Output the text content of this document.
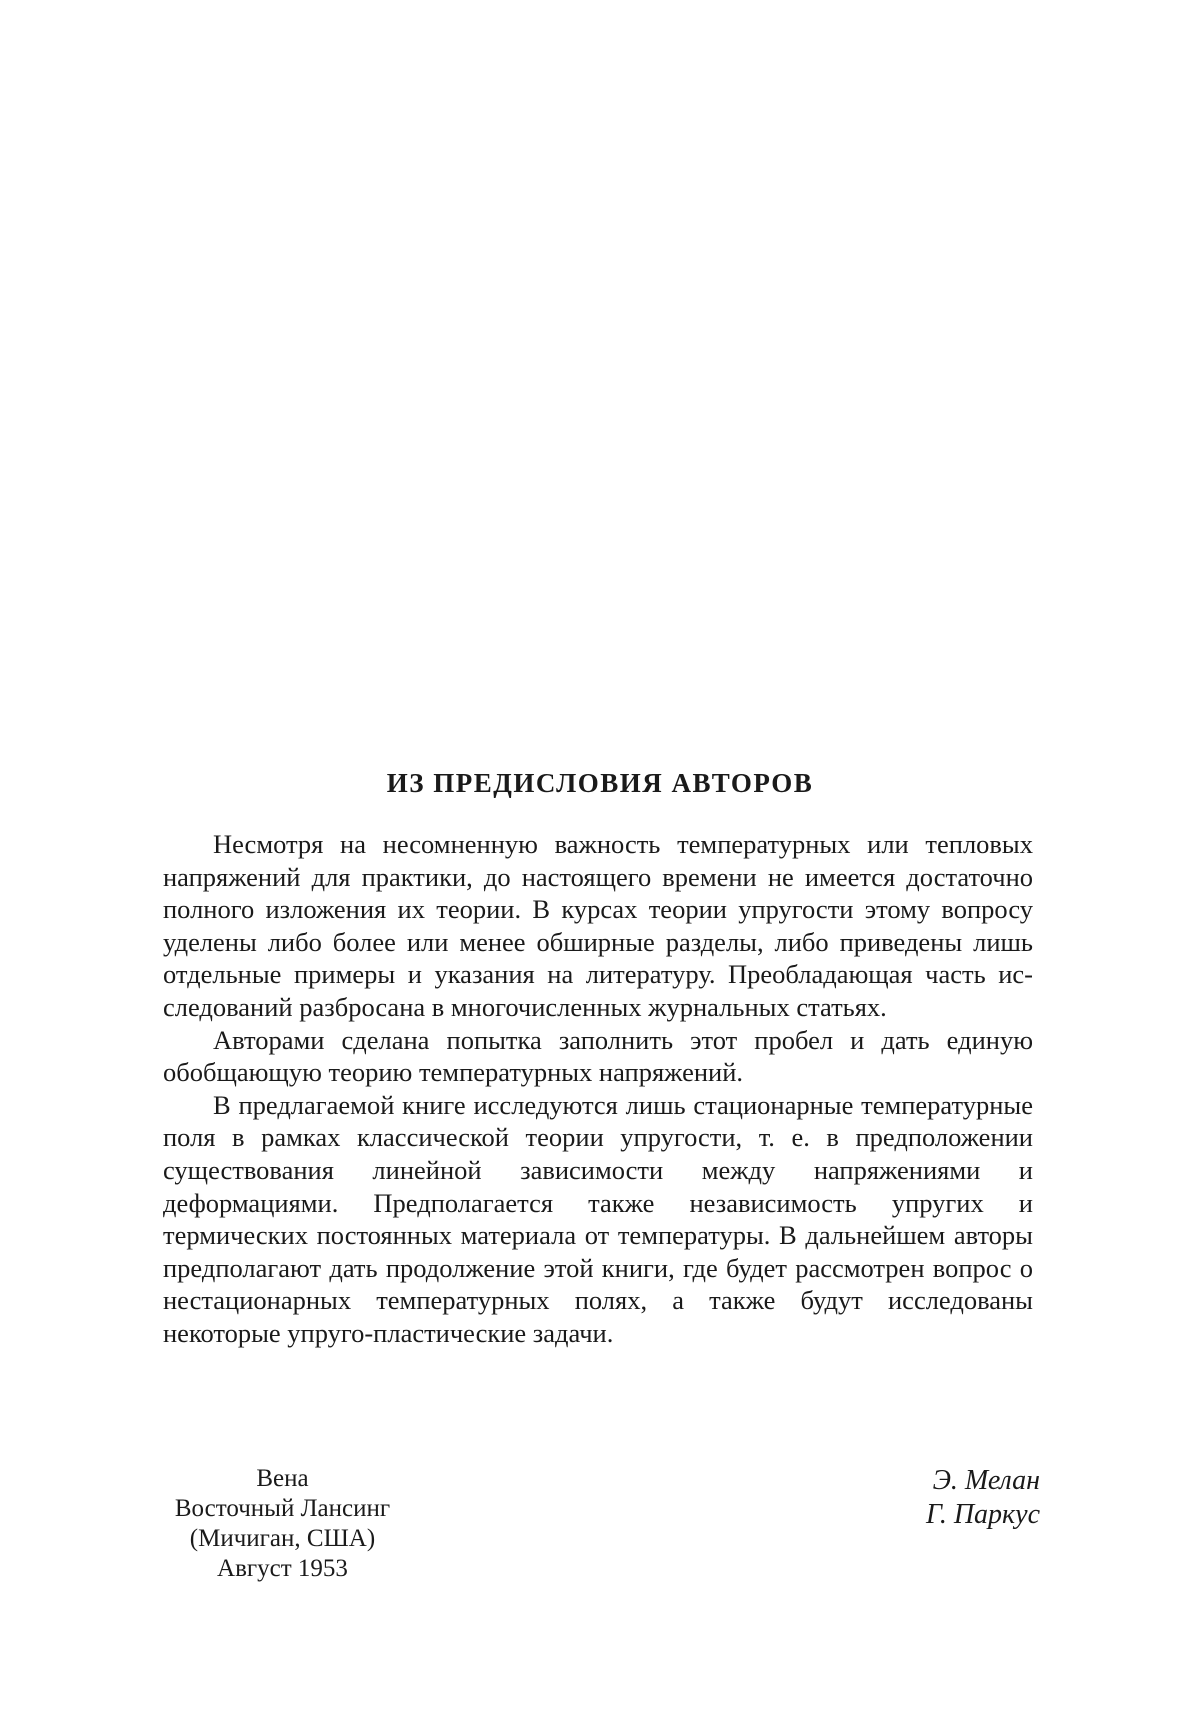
ИЗ ПРЕДИСЛОВИЯ АВТОРОВ

Несмотря на несомненную важность температурных или тепловых напряжений для практики, до настоящего времени не имеется достаточно полного изложения их теории. В курсах теории упругости этому вопросу уделены либо более или менее обширные разделы, либо приведены лишь отдельные примеры и указания на литературу. Преобладающая часть исследований разбросана в многочисленных журнальных статьях.

Авторами сделана попытка заполнить этот пробел и дать единую обобщающую теорию температурных напряжений.

В предлагаемой книге исследуются лишь стационарные температурные поля в рамках классической теории упругости, т. е. в предположении существования линейной зависимости между напряжениями и деформациями. Предполагается также независимость упругих и термических постоянных материала от температуры. В дальнейшем авторы предполагают дать продолжение этой книги, где будет рассмотрен вопрос о нестационарных температурных полях, а также будут исследованы некоторые упруго-пластические задачи.

Вена
Восточный Лансинг
(Мичиган, США)
Август 1953
Э. Мелан
Г. Паркус
